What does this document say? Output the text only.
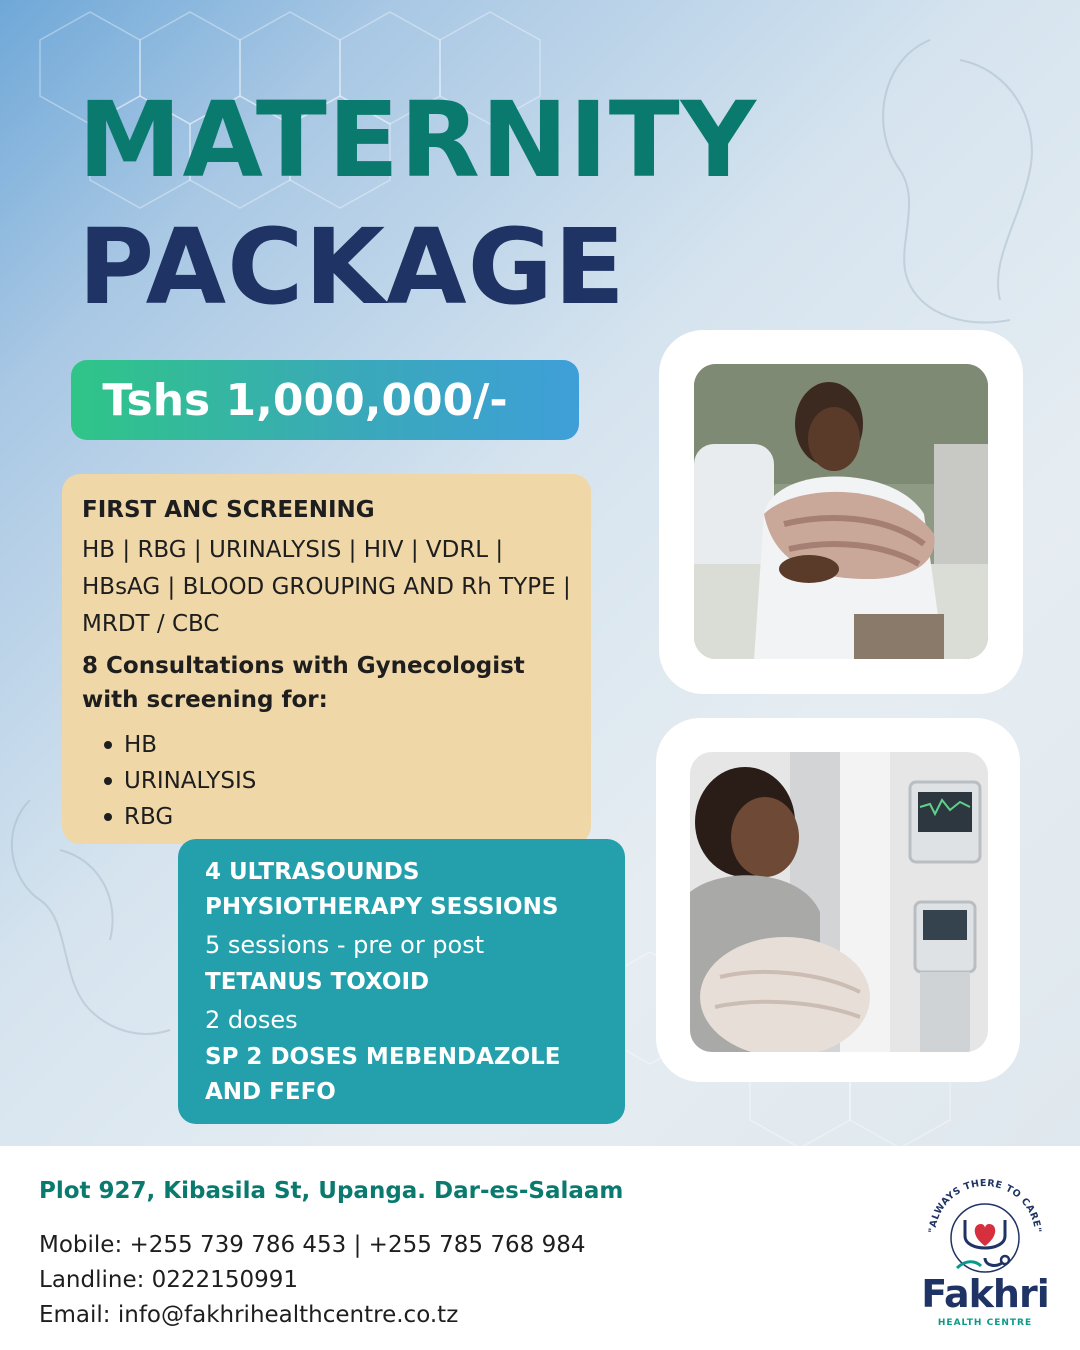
MATERNITY
PACKAGE
Tshs 1,000,000/-
FIRST ANC SCREENING
HB | RBG | URINALYSIS | HIV | VDRL |
HBsAG | BLOOD GROUPING AND Rh TYPE |
MRDT / CBC
8 Consultations with Gynecologist
with screening for:
HB
URINALYSIS
RBG
4 ULTRASOUNDS
PHYSIOTHERAPY SESSIONS
5 sessions - pre or post
TETANUS TOXOID
2 doses
SP 2 DOSES MEBENDAZOLE
AND FEFO
Plot 927, Kibasila St, Upanga. Dar-es-Salaam
Mobile: +255 739 786 453 | +255 785 768 984
Landline: 0222150991
Email: info@fakhrihealthcentre.co.tz
"ALWAYS THERE TO CARE"
Fakhri
HEALTH CENTRE
